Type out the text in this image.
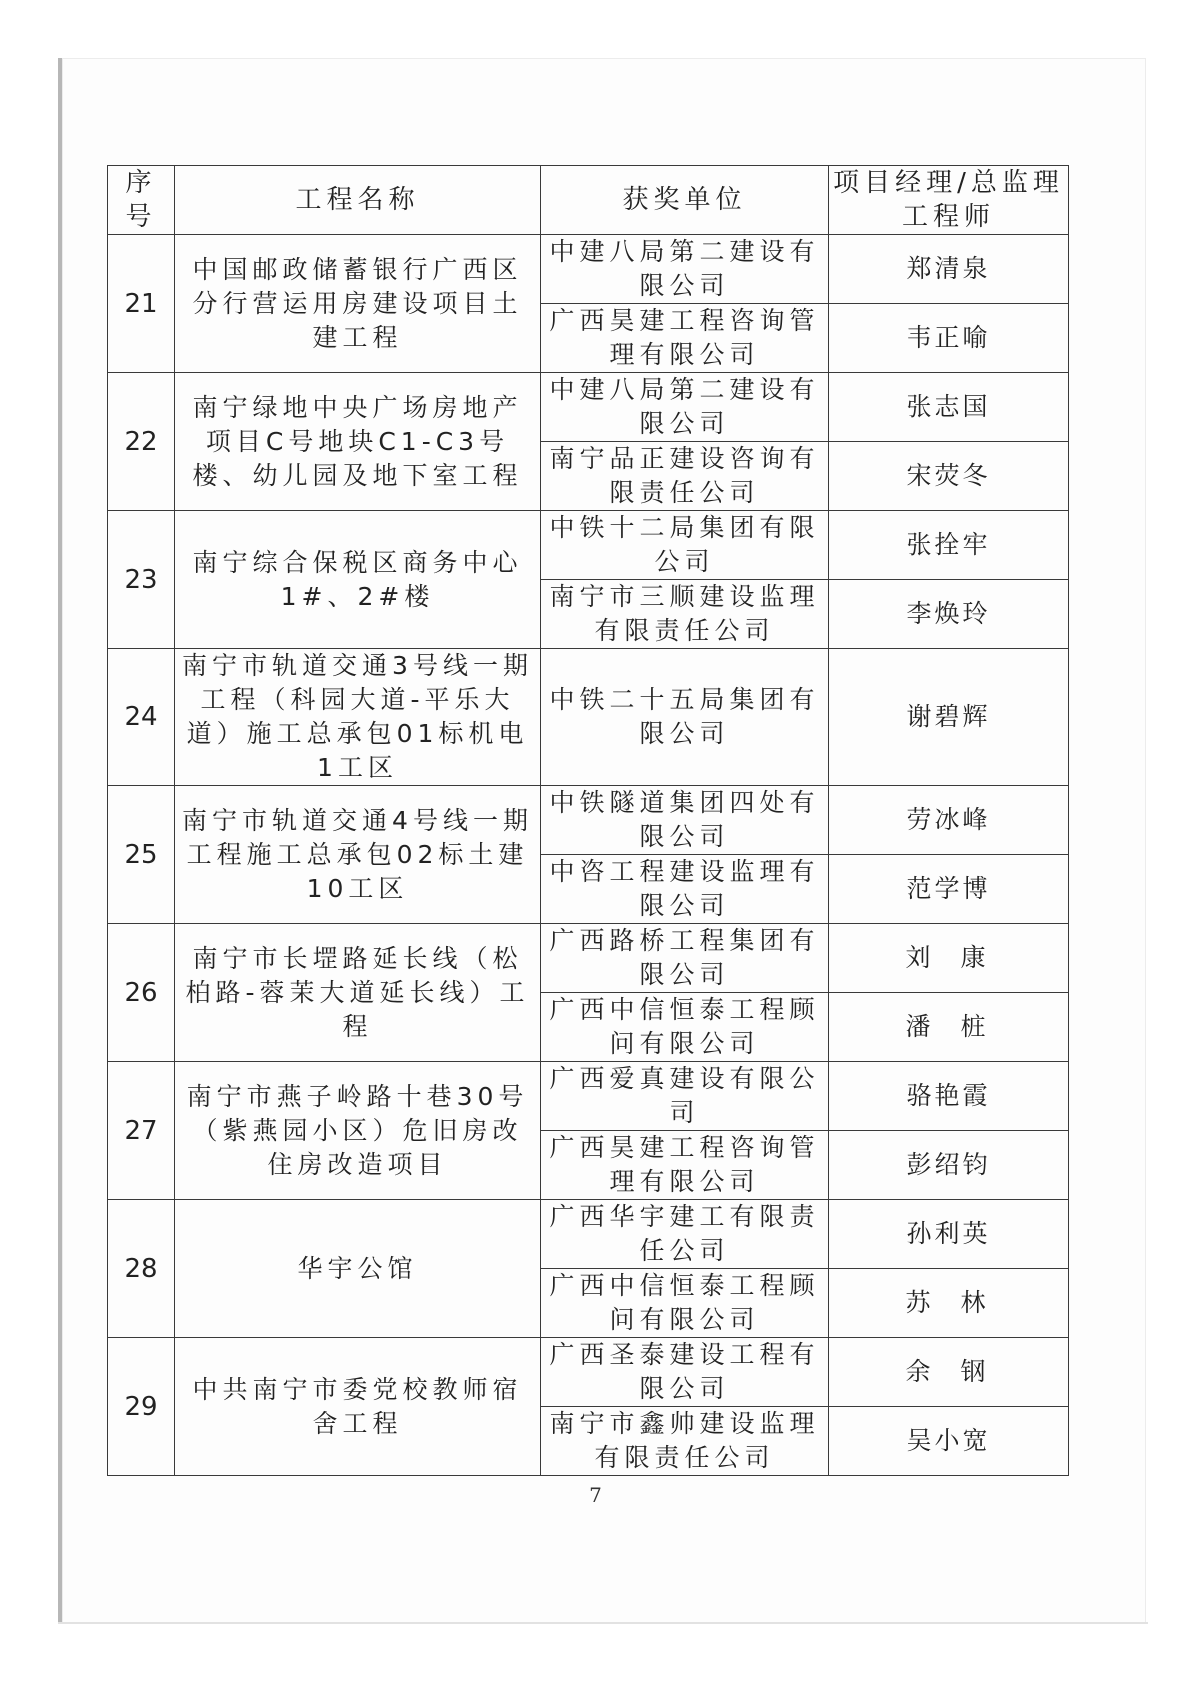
序号	工程名称	获奖单位	项目经理/总监理工程师
21	中国邮政储蓄银行广西区分行营运用房建设项目土建工程	中建八局第二建设有限公司	郑清泉
		广西昊建工程咨询管理有限公司	韦正喻
22	南宁绿地中央广场房地产项目C号地块C1-C3号楼、幼儿园及地下室工程	中建八局第二建设有限公司	张志国
		南宁品正建设咨询有限责任公司	宋荧冬
23	南宁综合保税区商务中心1#、2#楼	中铁十二局集团有限公司	张拴牢
		南宁市三顺建设监理有限责任公司	李焕玲
24	南宁市轨道交通3号线一期工程（科园大道-平乐大道）施工总承包01标机电1工区	中铁二十五局集团有限公司	谢碧辉
25	南宁市轨道交通4号线一期工程施工总承包02标土建10工区	中铁隧道集团四处有限公司	劳冰峰
		中咨工程建设监理有限公司	范学博
26	南宁市长堽路延长线（松柏路-蓉茉大道延长线）工程	广西路桥工程集团有限公司	刘康
		广西中信恒泰工程顾问有限公司	潘桩
27	南宁市燕子岭路十巷30号（紫燕园小区）危旧房改住房改造项目	广西爱真建设有限公司	骆艳霞
		广西昊建工程咨询管理有限公司	彭绍钧
28	华宇公馆	广西华宇建工有限责任公司	孙利英
		广西中信恒泰工程顾问有限公司	苏林
29	中共南宁市委党校教师宿舍工程	广西圣泰建设工程有限公司	余钢
		南宁市鑫帅建设监理有限责任公司	吴小宽
7
